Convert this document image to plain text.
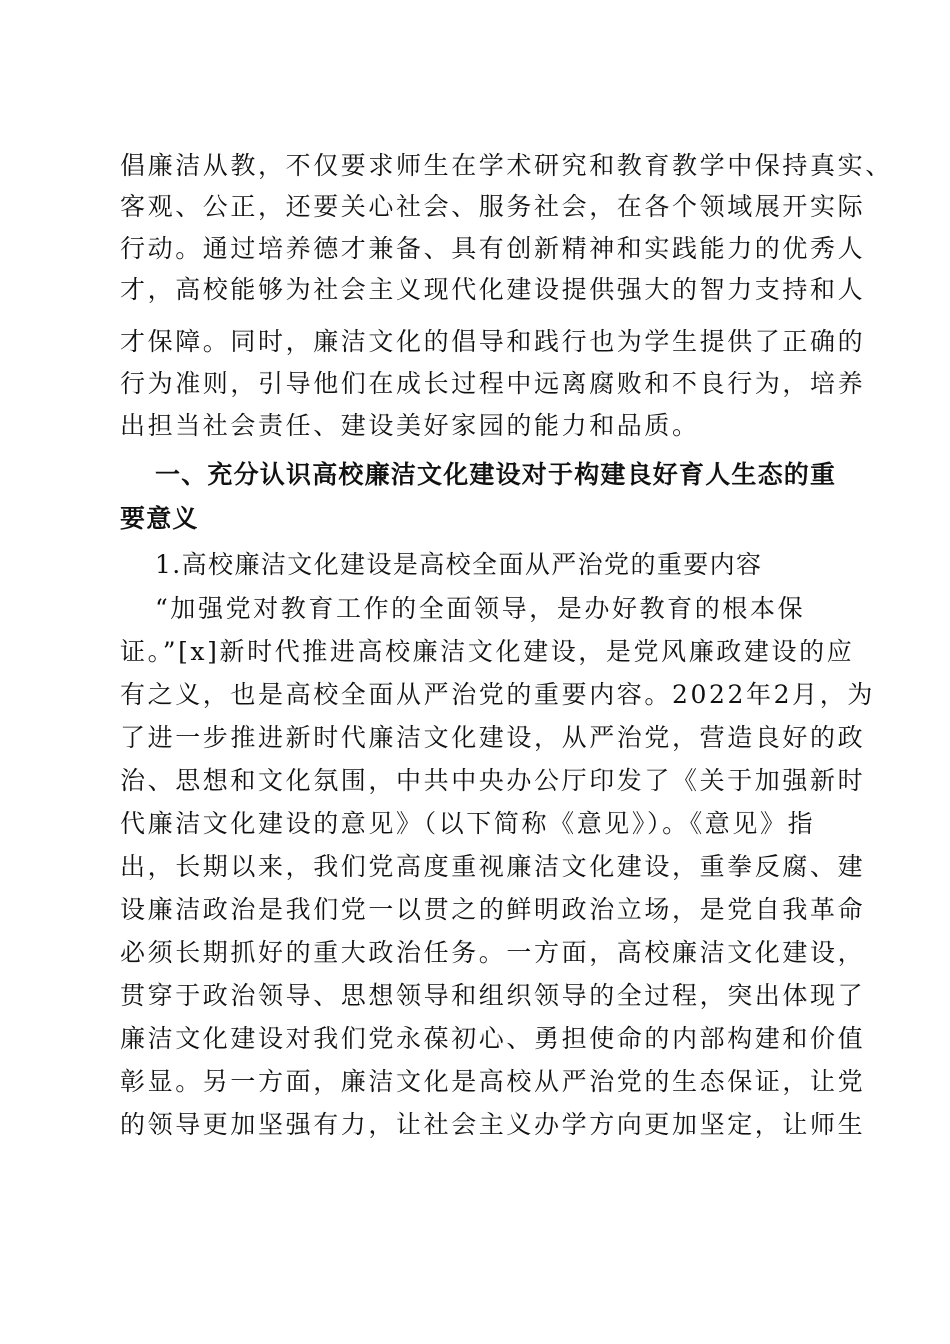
倡廉洁从教，不仅要求师生在学术研究和教育教学中保持真实、
客观、公正，还要关心社会、服务社会，在各个领域展开实际
行动。通过培养德才兼备、具有创新精神和实践能力的优秀人
才，高校能够为社会主义现代化建设提供强大的智力支持和人
才保障。同时，廉洁文化的倡导和践行也为学生提供了正确的
行为准则，引导他们在成长过程中远离腐败和不良行为，培养
出担当社会责任、建设美好家园的能力和品质。
一、充分认识高校廉洁文化建设对于构建良好育人生态的重
要意义
1.高校廉洁文化建设是高校全面从严治党的重要内容
“加强党对教育工作的全面领导，是办好教育的根本保
证。”[x]新时代推进高校廉洁文化建设，是党风廉政建设的应
有之义，也是高校全面从严治党的重要内容。2022年2月，为
了进一步推进新时代廉洁文化建设，从严治党，营造良好的政
治、思想和文化氛围，中共中央办公厅印发了《关于加强新时
代廉洁文化建设的意见》（以下简称《意见》）。《意见》指
出，长期以来，我们党高度重视廉洁文化建设，重拳反腐、建
设廉洁政治是我们党一以贯之的鲜明政治立场，是党自我革命
必须长期抓好的重大政治任务。一方面，高校廉洁文化建设，
贯穿于政治领导、思想领导和组织领导的全过程，突出体现了
廉洁文化建设对我们党永葆初心、勇担使命的内部构建和价值
彰显。另一方面，廉洁文化是高校从严治党的生态保证，让党
的领导更加坚强有力，让社会主义办学方向更加坚定，让师生
